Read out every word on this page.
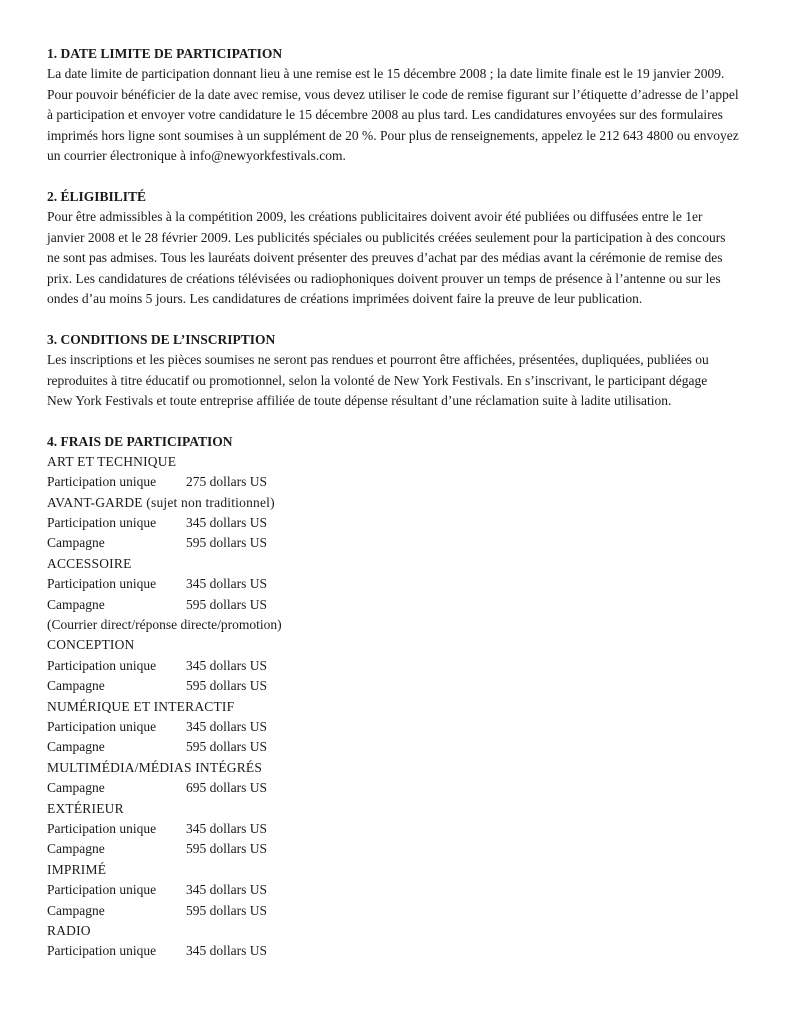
1. DATE LIMITE DE PARTICIPATION

La date limite de participation donnant lieu à une remise est le 15 décembre 2008 ; la date limite finale est le 19 janvier 2009.
Pour pouvoir bénéficier de la date avec remise, vous devez utiliser le code de remise figurant sur l’étiquette d’adresse de l’appel
à participation et envoyer votre candidature le 15 décembre 2008 au plus tard. Les candidatures envoyées sur des formulaires
imprimés hors ligne sont soumises à un supplément de 20 %. Pour plus de renseignements, appelez le 212 643 4800 ou envoyez
un courrier électronique à info@newyorkfestivals.com.

2. ÉLIGIBILITÉ

Pour être admissibles à la compétition 2009, les créations publicitaires doivent avoir été publiées ou diffusées entre le 1er
janvier 2008 et le 28 février 2009. Les publicités spéciales ou publicités créées seulement pour la participation à des concours
ne sont pas admises. Tous les lauréats doivent présenter des preuves d’achat par des médias avant la cérémonie de remise des
prix. Les candidatures de créations télévisées ou radiophoniques doivent prouver un temps de présence à l’antenne ou sur les
ondes d’au moins 5 jours. Les candidatures de créations imprimées doivent faire la preuve de leur publication.

3. CONDITIONS DE L’INSCRIPTION

Les inscriptions et les pièces soumises ne seront pas rendues et pourront être affichées, présentées, dupliquées, publiées ou
reproduites à titre éducatif ou promotionnel, selon la volonté de New York Festivals. En s’inscrivant, le participant dégage
New York Festivals et toute entreprise affiliée de toute dépense résultant d’une réclamation suite à ladite utilisation.

4. FRAIS DE PARTICIPATION
ART ET TECHNIQUE
Participation unique	275 dollars US
AVANT-GARDE (sujet non traditionnel)
Participation unique	345 dollars US
Campagne	595 dollars US
ACCESSOIRE
Participation unique	345 dollars US
Campagne	595 dollars US
(Courrier direct/réponse directe/promotion)
CONCEPTION
Participation unique	345 dollars US
Campagne	595 dollars US
NUMÉRIQUE ET INTERACTIF
Participation unique	345 dollars US
Campagne	595 dollars US
MULTIMÉDIA/MÉDIAS INTÉGRÉS
Campagne	695 dollars US
EXTÉRIEUR
Participation unique	345 dollars US
Campagne	595 dollars US
IMPRIMÉ
Participation unique	345 dollars US
Campagne	595 dollars US
RADIO
Participation unique	345 dollars US
